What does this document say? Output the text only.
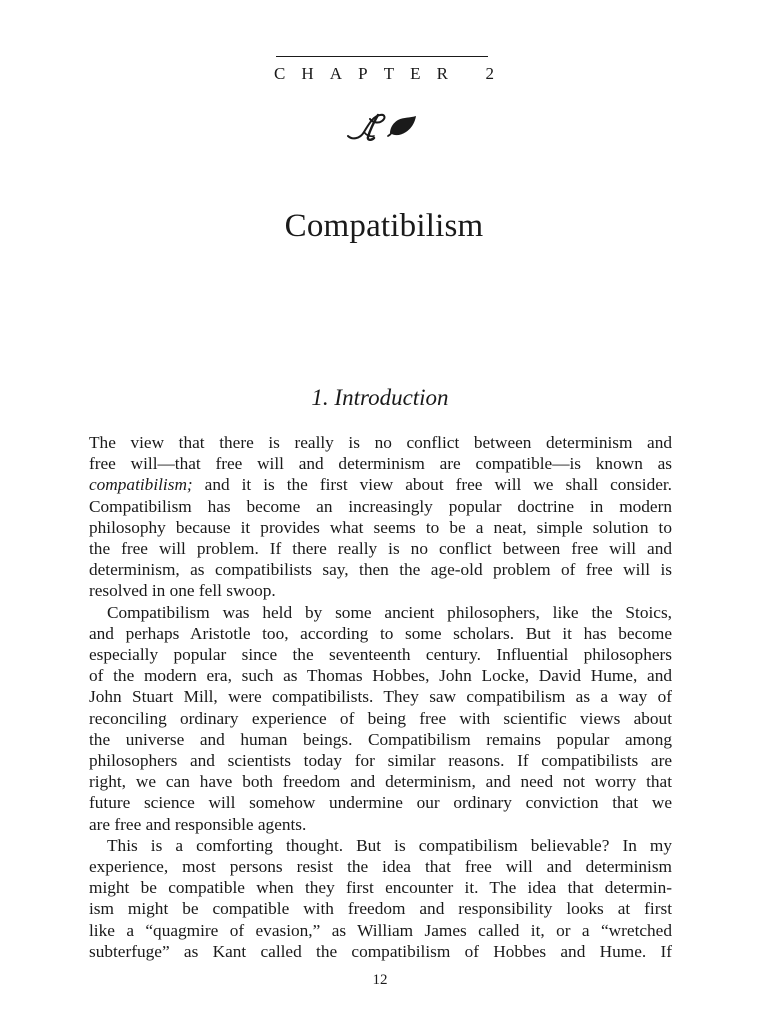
C H A P T E R 2
Compatibilism
1. Introduction

The view that there is really is no conflict between determinism and
free will—that free will and determinism are compatible—is known as
compatibilism; and it is the first view about free will we shall consider.
Compatibilism has become an increasingly popular doctrine in modern
philosophy because it provides what seems to be a neat, simple solution to
the free will problem. If there really is no conflict between free will and
determinism, as compatibilists say, then the age-old problem of free will is
resolved in one fell swoop.

Compatibilism was held by some ancient philosophers, like the Stoics,
and perhaps Aristotle too, according to some scholars. But it has become
especially popular since the seventeenth century. Influential philosophers
of the modern era, such as Thomas Hobbes, John Locke, David Hume, and
John Stuart Mill, were compatibilists. They saw compatibilism as a way of
reconciling ordinary experience of being free with scientific views about
the universe and human beings. Compatibilism remains popular among
philosophers and scientists today for similar reasons. If compatibilists are
right, we can have both freedom and determinism, and need not worry that
future science will somehow undermine our ordinary conviction that we
are free and responsible agents.

This is a comforting thought. But is compatibilism believable? In my
experience, most persons resist the idea that free will and determinism
might be compatible when they first encounter it. The idea that determin-
ism might be compatible with freedom and responsibility looks at first
like a “quagmire of evasion,” as William James called it, or a “wretched
subterfuge” as Kant called the compatibilism of Hobbes and Hume. If

12
